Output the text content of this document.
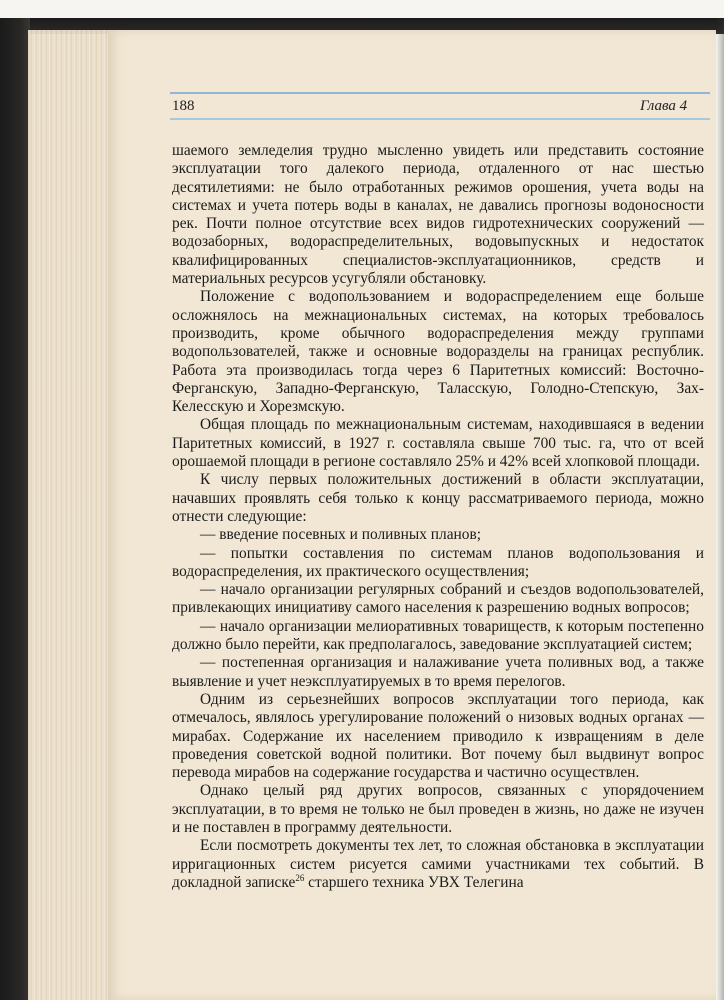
188	Глава 4

шаемого земледелия трудно мысленно увидеть или представить состояние эксплуатации того далекого периода, отдаленного от нас шестью десятилетиями: не было отработанных режимов орошения, учета воды на системах и учета потерь воды в каналах, не давались прогнозы водоносности рек. Почти полное отсутствие всех видов гидротехнических сооружений — водозаборных, водораспределительных, водовыпускных и недостаток квалифицированных специалистов-эксплуатационников, средств и материальных ресурсов усугубляли обстановку.

Положение с водопользованием и водораспределением еще больше осложнялось на межнациональных системах, на которых требовалось производить, кроме обычного водораспределения между группами водопользователей, также и основные водоразделы на границах республик. Работа эта производилась тогда через 6 Паритетных комиссий: Восточно-Ферганскую, Западно-Ферганскую, Таласскую, Голодно-Степскую, Зах-Келесскую и Хорезмскую.

Общая площадь по межнациональным системам, находившаяся в ведении Паритетных комиссий, в 1927 г. составляла свыше 700 тыс. га, что от всей орошаемой площади в регионе составляло 25% и 42% всей хлопковой площади.

К числу первых положительных достижений в области эксплуатации, начавших проявлять себя только к концу рассматриваемого периода, можно отнести следующие:

— введение посевных и поливных планов;

— попытки составления по системам планов водопользования и водораспределения, их практического осуществления;

— начало организации регулярных собраний и съездов водопользователей, привлекающих инициативу самого населения к разрешению водных вопросов;

— начало организации мелиоративных товариществ, к которым постепенно должно было перейти, как предполагалось, заведование эксплуатацией систем;

— постепенная организация и налаживание учета поливных вод, а также выявление и учет неэксплуатируемых в то время перелогов.

Одним из серьезнейших вопросов эксплуатации того периода, как отмечалось, являлось урегулирование положений о низовых водных органах — мирабах. Содержание их населением приводило к извращениям в деле проведения советской водной политики. Вот почему был выдвинут вопрос перевода мирабов на содержание государства и частично осуществлен.

Однако целый ряд других вопросов, связанных с упорядочением эксплуатации, в то время не только не был проведен в жизнь, но даже не изучен и не поставлен в программу деятельности.

Если посмотреть документы тех лет, то сложная обстановка в эксплуатации ирригационных систем рисуется самими участниками тех событий. В докладной записке$^{26}$ старшего техника УВХ Телегина
